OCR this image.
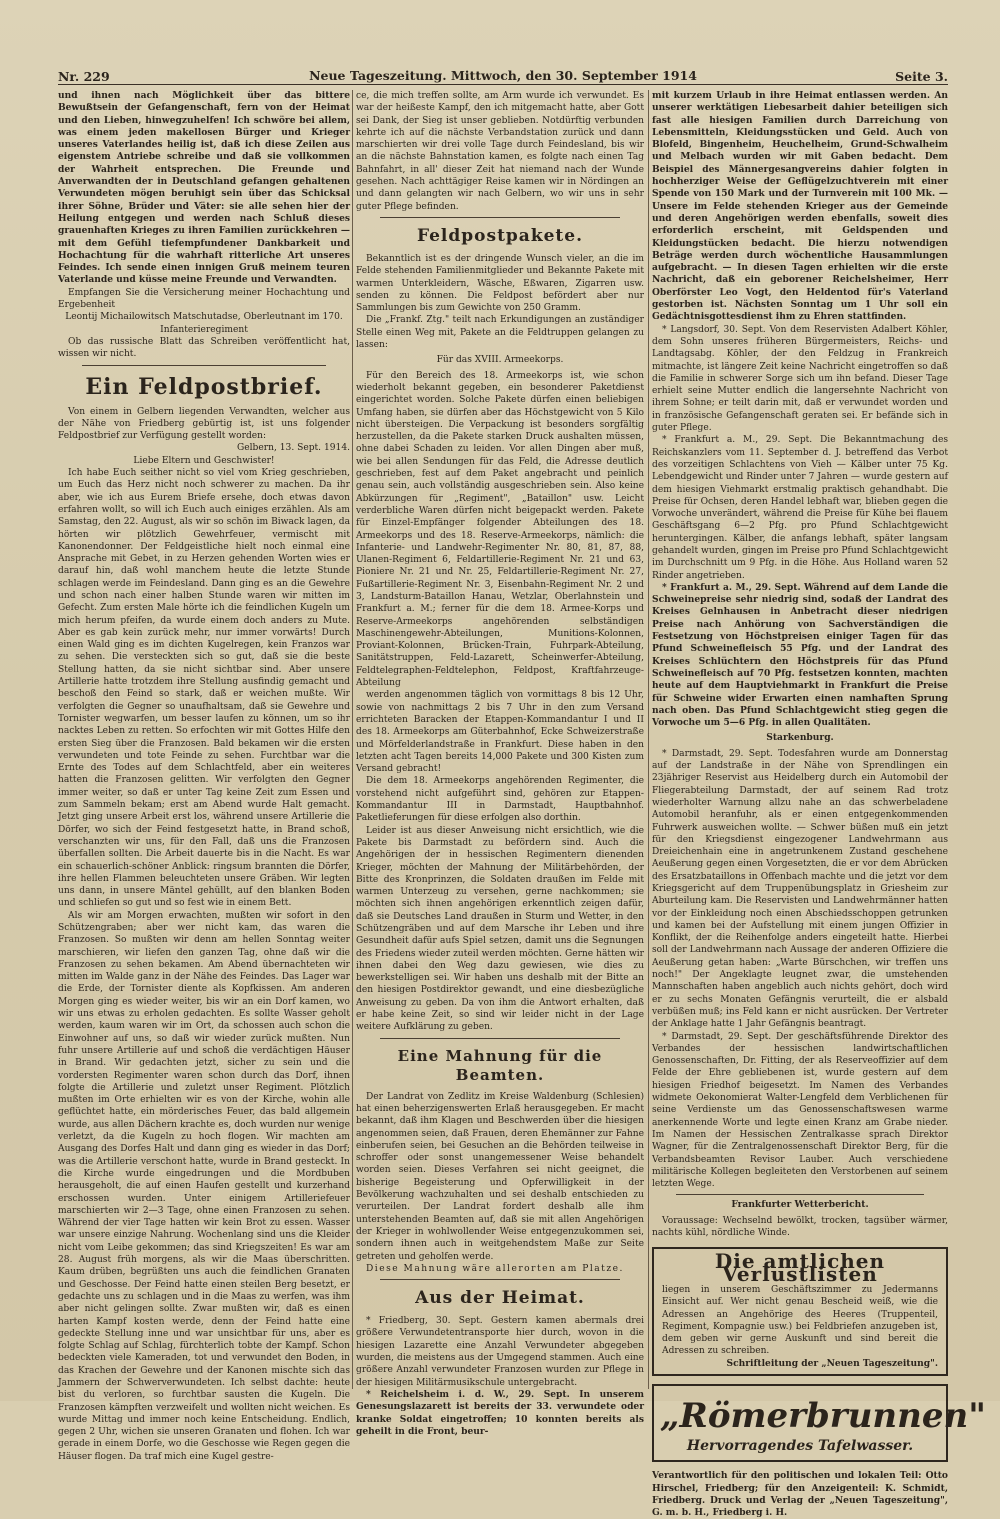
Nr. 229	Neue Tageszeitung. Mittwoch, den 30. September 1914	Seite 3.

und ihnen nach Möglichkeit über das bittere Bewußtsein der Gefangenschaft, fern von der Heimat und den Lieben, hinwegzuhelfen! Ich schwöre bei allem, was einem jeden makellosen Bürger und Krieger unseres Vaterlandes heilig ist, daß ich diese Zeilen aus eigenstem Antriebe schreibe und daß sie vollkommen der Wahrheit entsprechen. Die Freunde und Anverwandten der in Deutschland gefangen gehaltenen Verwundeten mögen beruhigt sein über das Schicksal ihrer Söhne, Brüder und Väter: sie alle sehen hier der Heilung entgegen und werden nach Schluß dieses grauenhaften Krieges zu ihren Familien zurückkehren — mit dem Gefühl tiefempfundener Dankbarkeit und Hochachtung für die wahrhaft ritterliche Art unseres Feindes. Ich sende einen innigen Gruß meinem teuren Vaterlande und küsse meine Freunde und Verwandten.

Empfangen Sie die Versicherung meiner Hochachtung und Ergebenheit

Leontij Michailowitsch Matschutadse, Oberleutnant im 170. Infanterieregiment

Ob das russische Blatt das Schreiben veröffentlicht hat, wissen wir nicht.

Ein Feldpostbrief.

Von einem in Gelbern liegenden Verwandten, welcher aus der Nähe von Friedberg gebürtig ist, ist uns folgender Feldpostbrief zur Verfügung gestellt worden:

Gelbern, 13. Sept. 1914.

Liebe Eltern und Geschwister!

Ich habe Euch seither nicht so viel vom Krieg geschrieben, um Euch das Herz nicht noch schwerer zu machen. Da ihr aber, wie ich aus Eurem Briefe ersehe, doch etwas davon erfahren wollt, so will ich Euch auch einiges erzählen. Als am Samstag, den 22. August, als wir so schön im Biwack lagen, da hörten wir plötzlich Gewehrfeuer, vermischt mit Kanonendonner. Der Feldgeistliche hielt noch einmal eine Ansprache mit Gebet, in zu Herzen gehenden Worten wies er darauf hin, daß wohl manchem heute die letzte Stunde schlagen werde im Feindesland. Dann ging es an die Gewehre und schon nach einer halben Stunde waren wir mitten im Gefecht. Zum ersten Male hörte ich die feindlichen Kugeln um mich herum pfeifen, da wurde einem doch anders zu Mute. Aber es gab kein zurück mehr, nur immer vorwärts! Durch einen Wald ging es im dichten Kugelregen, kein Franzos war zu sehen. Die versteckten sich so gut, daß sie die beste Stellung hatten, da sie nicht sichtbar sind. Aber unsere Artillerie hatte trotzdem ihre Stellung ausfindig gemacht und beschoß den Feind so stark, daß er weichen mußte. Wir verfolgten die Gegner so unaufhaltsam, daß sie Gewehre und Tornister wegwarfen, um besser laufen zu können, um so ihr nacktes Leben zu retten. So erfochten wir mit Gottes Hilfe den ersten Sieg über die Franzosen. Bald bekamen wir die ersten verwundeten und tote Feinde zu sehen. Furchtbar war die Ernte des Todes auf dem Schlachtfeld, aber ein weiteres hatten die Franzosen gelitten. Wir verfolgten den Gegner immer weiter, so daß er unter Tag keine Zeit zum Essen und zum Sammeln bekam; erst am Abend wurde Halt gemacht. Jetzt ging unsere Arbeit erst los, während unsere Artillerie die Dörfer, wo sich der Feind festgesetzt hatte, in Brand schoß, verschanzten wir uns, für den Fall, daß uns die Franzosen überfallen sollten. Die Arbeit dauerte bis in die Nacht. Es war ein schauerlich-schöner Anblick: ringsum brannten die Dörfer, ihre hellen Flammen beleuchteten unsere Gräben. Wir legten uns dann, in unsere Mäntel gehüllt, auf den blanken Boden und schliefen so gut und so fest wie in einem Bett.

Als wir am Morgen erwachten, mußten wir sofort in den Schützengraben; aber wer nicht kam, das waren die Franzosen. So mußten wir denn am hellen Sonntag weiter marschieren, wir liefen den ganzen Tag, ohne daß wir die Franzosen zu sehen bekamen. Am Abend übernachteten wir mitten im Walde ganz in der Nähe des Feindes. Das Lager war die Erde, der Tornister diente als Kopfkissen. Am anderen Morgen ging es wieder weiter, bis wir an ein Dorf kamen, wo wir uns etwas zu erholen gedachten. Es sollte Wasser geholt werden, kaum waren wir im Ort, da schossen auch schon die Einwohner auf uns, so daß wir wieder zurück mußten. Nun fuhr unsere Artillerie auf und schoß die verdächtigen Häuser in Brand. Wir gedachten jetzt, sicher zu sein und die vordersten Regimenter waren schon durch das Dorf, ihnen folgte die Artillerie und zuletzt unser Regiment. Plötzlich mußten im Orte erhielten wir es von der Kirche, wohin alle geflüchtet hatte, ein mörderisches Feuer, das bald allgemein wurde, aus allen Dächern krachte es, doch wurden nur wenige verletzt, da die Kugeln zu hoch flogen. Wir machten am Ausgang des Dorfes Halt und dann ging es wieder in das Dorf; was die Artillerie verschont hatte, wurde in Brand gesteckt. In die Kirche wurde eingedrungen und die Mordbuben herausgeholt, die auf einen Haufen gestellt und kurzerhand erschossen wurden. Unter einigem Artilleriefeuer marschierten wir 2—3 Tage, ohne einen Franzosen zu sehen. Während der vier Tage hatten wir kein Brot zu essen. Wasser war unsere einzige Nahrung. Wochenlang sind uns die Kleider nicht vom Leibe gekommen; das sind Kriegszeiten! Es war am 28. August früh morgens, als wir die Maas überschritten. Kaum drüben, begrüßten uns auch die feindlichen Granaten und Geschosse. Der Feind hatte einen steilen Berg besetzt, er gedachte uns zu schlagen und in die Maas zu werfen, was ihm aber nicht gelingen sollte. Zwar mußten wir, daß es einen harten Kampf kosten werde, denn der Feind hatte eine gedeckte Stellung inne und war unsichtbar für uns, aber es folgte Schlag auf Schlag, fürchterlich tobte der Kampf. Schon bedeckten viele Kameraden, tot und verwundet den Boden, in das Krachen der Gewehre und der Kanonen mischte sich das Jammern der Schwerverwundeten. Ich selbst dachte: heute bist du verloren, so furchtbar sausten die Kugeln. Die Franzosen kämpften verzweifelt und wollten nicht weichen. Es wurde Mittag und immer noch keine Entscheidung. Endlich, gegen 2 Uhr, wichen sie unseren Granaten und flohen. Ich war gerade in einem Dorfe, wo die Geschosse wie Regen gegen die Häuser flogen. Da traf mich eine Kugel gestre-

ce, die mich treffen sollte, am Arm wurde ich verwundet. Es war der heißeste Kampf, den ich mitgemacht hatte, aber Gott sei Dank, der Sieg ist unser geblieben. Notdürftig verbunden kehrte ich auf die nächste Verbandstation zurück und dann marschierten wir drei volle Tage durch Feindesland, bis wir an die nächste Bahnstation kamen, es folgte nach einen Tag Bahnfahrt, in all' dieser Zeit hat niemand nach der Wunde gesehen. Nach achttägiger Reise kamen wir in Nördingen an und dann gelangten wir nach Gelbern, wo wir uns in sehr guter Pflege befinden.

Feldpostpakete.

Bekanntlich ist es der dringende Wunsch vieler, an die im Felde stehenden Familienmitglieder und Bekannte Pakete mit warmen Unterkleidern, Wäsche, Eßwaren, Zigarren usw. senden zu können. Die Feldpost befördert aber nur Sammlungen bis zum Gewichte von 250 Gramm.

Die „Frankf. Ztg." teilt nach Erkundigungen an zuständiger Stelle einen Weg mit, Pakete an die Feldtruppen gelangen zu lassen:

Für das XVIII. Armeekorps.

Für den Bereich des 18. Armeekorps ist, wie schon wiederholt bekannt gegeben, ein besonderer Paketdienst eingerichtet worden. Solche Pakete dürfen einen beliebigen Umfang haben, sie dürfen aber das Höchstgewicht von 5 Kilo nicht übersteigen. Die Verpackung ist besonders sorgfältig herzustellen, da die Pakete starken Druck aushalten müssen, ohne dabei Schaden zu leiden. Vor allen Dingen aber muß, wie bei allen Sendungen für das Feld, die Adresse deutlich geschrieben, fest auf dem Paket angebracht und peinlich genau sein, auch vollständig ausgeschrieben sein. Also keine Abkürzungen für „Regiment", „Bataillon" usw. Leicht verderbliche Waren dürfen nicht beigepackt werden. Pakete für Einzel-Empfänger folgender Abteilungen des 18. Armeekorps und des 18. Reserve-Armeekorps, nämlich: die Infanterie- und Landwehr-Regimenter Nr. 80, 81, 87, 88, Ulanen-Regiment 6, Feldartillerie-Regiment Nr. 21 und 63, Pioniere Nr. 21 und Nr. 25, Feldartillerie-Regiment Nr. 27, Fußartillerie-Regiment Nr. 3, Eisenbahn-Regiment Nr. 2 und 3, Landsturm-Bataillon Hanau, Wetzlar, Oberlahnstein und Frankfurt a. M.; ferner für die dem 18. Armee-Korps und Reserve-Armeekorps angehörenden selbständigen Maschinengewehr-Abteilungen, Munitions-Kolonnen, Proviant-Kolonnen, Brücken-Train, Fuhrpark-Abteilung, Sanitätstruppen, Feld-Lazarett, Scheinwerfer-Abteilung, Feldtelegraphen-Feldtelephon, Feldpost, Kraftfahrzeuge-Abteilung

werden angenommen täglich von vormittags 8 bis 12 Uhr, sowie von nachmittags 2 bis 7 Uhr in den zum Versand errichteten Baracken der Etappen-Kommandantur I und II des 18. Armeekorps am Güterbahnhof, Ecke Schweizerstraße und Mörfelderlandstraße in Frankfurt. Diese haben in den letzten acht Tagen bereits 14,000 Pakete und 300 Kisten zum Versand gebracht!

Die dem 18. Armeekorps angehörenden Regimenter, die vorstehend nicht aufgeführt sind, gehören zur Etappen-Kommandantur III in Darmstadt, Hauptbahnhof. Paketlieferungen für diese erfolgen also dorthin.

Leider ist aus dieser Anweisung nicht ersichtlich, wie die Pakete bis Darmstadt zu befördern sind. Auch die Angehörigen der in hessischen Regimentern dienenden Krieger, möchten der Mahnung der Militärbehörden, der Bitte des Kronprinzen, die Soldaten draußen im Felde mit warmen Unterzeug zu versehen, gerne nachkommen; sie möchten sich ihnen angehörigen erkenntlich zeigen dafür, daß sie Deutsches Land draußen in Sturm und Wetter, in den Schützengräben und auf dem Marsche ihr Leben und ihre Gesundheit dafür aufs Spiel setzen, damit uns die Segnungen des Friedens wieder zuteil werden möchten. Gerne hätten wir ihnen dabei den Weg dazu gewiesen, wie dies zu bewerkstelligen sei. Wir haben uns deshalb mit der Bitte an den hiesigen Postdirektor gewandt, und eine diesbezügliche Anweisung zu geben. Da von ihm die Antwort erhalten, daß er habe keine Zeit, so sind wir leider nicht in der Lage weitere Aufklärung zu geben.

Eine Mahnung für die Beamten.

Der Landrat von Zedlitz im Kreise Waldenburg (Schlesien) hat einen beherzigenswerten Erlaß herausgegeben. Er macht bekannt, daß ihm Klagen und Beschwerden über die hiesigen angenommen seien, daß Frauen, deren Ehemänner zur Fahne einberufen seien, bei Gesuchen an die Behörden teilweise in schroffer oder sonst unangemessener Weise behandelt worden seien. Dieses Verfahren sei nicht geeignet, die bisherige Begeisterung und Opferwilligkeit in der Bevölkerung wachzuhalten und sei deshalb entschieden zu verurteilen. Der Landrat fordert deshalb alle ihm unterstehenden Beamten auf, daß sie mit allen Angehörigen der Krieger in wohlwollender Weise entgegenzukommen sei, sondern ihnen auch in weitgehendstem Maße zur Seite getreten und geholfen werde.

Diese Mahnung wäre allerorten am Platze.

Aus der Heimat.

* Friedberg, 30. Sept. Gestern kamen abermals drei größere Verwundetentransporte hier durch, wovon in die hiesigen Lazarette eine Anzahl Verwundeter abgegeben wurden, die meistens aus der Umgegend stammen. Auch eine größere Anzahl verwundeter Franzosen wurden zur Pflege in der hiesigen Militärmusikschule untergebracht.

* Reichelsheim i. d. W., 29. Sept. In unserem Genesungslazarett ist bereits der 33. verwundete oder kranke Soldat eingetroffen; 10 konnten bereits als geheilt in die Front, beur-

mit kurzem Urlaub in ihre Heimat entlassen werden. An unserer werktätigen Liebesarbeit dahier beteiligen sich fast alle hiesigen Familien durch Darreichung von Lebensmitteln, Kleidungsstücken und Geld. Auch von Blofeld, Bingenheim, Heuchelheim, Grund-Schwalheim und Melbach wurden wir mit Gaben bedacht. Dem Beispiel des Männergesangvereins dahier folgten in hochherziger Weise der Geflügelzuchtverein mit einer Spende von 150 Mark und der Turnverein mit 100 Mk. — Unsere im Felde stehenden Krieger aus der Gemeinde und deren Angehörigen werden ebenfalls, soweit dies erforderlich erscheint, mit Geldspenden und Kleidungstücken bedacht. Die hierzu notwendigen Beträge werden durch wöchentliche Hausammlungen aufgebracht. — In diesen Tagen erhielten wir die erste Nachricht, daß ein geborener Reichelsheimer, Herr Oberförster Leo Vogt, den Heldentod für's Vaterland gestorben ist. Nächsten Sonntag um 1 Uhr soll ein Gedächtnisgottesdienst ihm zu Ehren stattfinden.

* Langsdorf, 30. Sept. Von dem Reservisten Adalbert Köhler, dem Sohn unseres früheren Bürgermeisters, Reichs- und Landtagsabg. Köhler, der den Feldzug in Frankreich mitmachte, ist längere Zeit keine Nachricht eingetroffen so daß die Familie in schwerer Sorge sich um ihn befand. Dieser Tage erhielt seine Mutter endlich die langersehnte Nachricht von ihrem Sohne; er teilt darin mit, daß er verwundet worden und in französische Gefangenschaft geraten sei. Er befände sich in guter Pflege.

* Frankfurt a. M., 29. Sept. Die Bekanntmachung des Reichskanzlers vom 11. September d. J. betreffend das Verbot des vorzeitigen Schlachtens von Vieh — Kälber unter 75 Kg. Lebendgewicht und Rinder unter 7 Jahren — wurde gestern auf dem hiesigen Viehmarkt erstmalig praktisch gehandhabt. Die Preise für Ochsen, deren Handel lebhaft war, blieben gegen die Vorwoche unverändert, während die Preise für Kühe bei flauem Geschäftsgang 6—2 Pfg. pro Pfund Schlachtgewicht heruntergingen. Kälber, die anfangs lebhaft, später langsam gehandelt wurden, gingen im Preise pro Pfund Schlachtgewicht im Durchschnitt um 9 Pfg. in die Höhe. Aus Holland waren 52 Rinder angetrieben.

* Frankfurt a. M., 29. Sept. Während auf dem Lande die Schweinepreise sehr niedrig sind, sodaß der Landrat des Kreises Gelnhausen in Anbetracht dieser niedrigen Preise nach Anhörung von Sachverständigen die Festsetzung von Höchstpreisen einiger Tagen für das Pfund Schweinefleisch 55 Pfg. und der Landrat des Kreises Schlüchtern den Höchstpreis für das Pfund Schweinefleisch auf 70 Pfg. festsetzen konnten, machten heute auf dem Hauptviehmarkt in Frankfurt die Preise für Schweine wider Erwarten einen namhaften Sprung nach oben. Das Pfund Schlachtgewicht stieg gegen die Vorwoche um 5—6 Pfg. in allen Qualitäten.

Starkenburg.

* Darmstadt, 29. Sept. Todesfahren wurde am Donnerstag auf der Landstraße in der Nähe von Sprendlingen ein 23jähriger Reservist aus Heidelberg durch ein Automobil der Fliegerabteilung Darmstadt, der auf seinem Rad trotz wiederholter Warnung allzu nahe an das schwerbeladene Automobil heranfuhr, als er einen entgegenkommenden Fuhrwerk ausweichen wollte. — Schwer büßen muß ein jetzt für den Kriegsdienst eingezogener Landwehrmann aus Dreieichenhain eine in angetrunkenem Zustand geschehene Aeußerung gegen einen Vorgesetzten, die er vor dem Abrücken des Ersatzbataillons in Offenbach machte und die jetzt vor dem Kriegsgericht auf dem Truppenübungsplatz in Griesheim zur Aburteilung kam. Die Reservisten und Landwehrmänner hatten vor der Einkleidung noch einen Abschiedsschoppen getrunken und kamen bei der Aufstellung mit einem jungen Offizier in Konflikt, der die Reihenfolge anders eingeteilt hatte. Hierbei soll der Landwehrmann nach Aussage der anderen Offiziere die Aeußerung getan haben: „Warte Bürschchen, wir treffen uns noch!" Der Angeklagte leugnet zwar, die umstehenden Mannschaften haben angeblich auch nichts gehört, doch wird er zu sechs Monaten Gefängnis verurteilt, die er alsbald verbüßen muß; ins Feld kann er nicht ausrücken. Der Vertreter der Anklage hatte 1 Jahr Gefängnis beantragt.

* Darmstadt, 29. Sept. Der geschäftsführende Direktor des Verbandes der hessischen landwirtschaftlichen Genossenschaften, Dr. Fitting, der als Reserveoffizier auf dem Felde der Ehre gebliebenen ist, wurde gestern auf dem hiesigen Friedhof beigesetzt. Im Namen des Verbandes widmete Oekonomierat Walter-Lengfeld dem Verblichenen für seine Verdienste um das Genossenschaftswesen warme anerkennende Worte und legte einen Kranz am Grabe nieder. Im Namen der Hessischen Zentralkasse sprach Direktor Wagner, für die Zentralgenossenschaft Direktor Berg, für die Verbandsbeamten Revisor Lauber. Auch verschiedene militärische Kollegen begleiteten den Verstorbenen auf seinem letzten Wege.

Frankfurter Wetterbericht.

Voraussage: Wechselnd bewölkt, trocken, tagsüber wärmer, nachts kühl, nördliche Winde.

Die amtlichen Verlustlisten

liegen in unserem Geschäftszimmer zu Jedermanns Einsicht auf. Wer nicht genau Bescheid weiß, wie die Adressen an Angehörige des Heeres (Truppenteil, Regiment, Kompagnie usw.) bei Feldbriefen anzugeben ist, dem geben wir gerne Auskunft und sind bereit die Adressen zu schreiben.

Schriftleitung der „Neuen Tageszeitung".

„Römerbrunnen"
Hervorragendes Tafelwasser.

Verantwortlich für den politischen und lokalen Teil: Otto Hirschel, Friedberg; für den Anzeigenteil: K. Schmidt, Friedberg. Druck und Verlag der „Neuen Tageszeitung", G. m. b. H., Friedberg i. H.
